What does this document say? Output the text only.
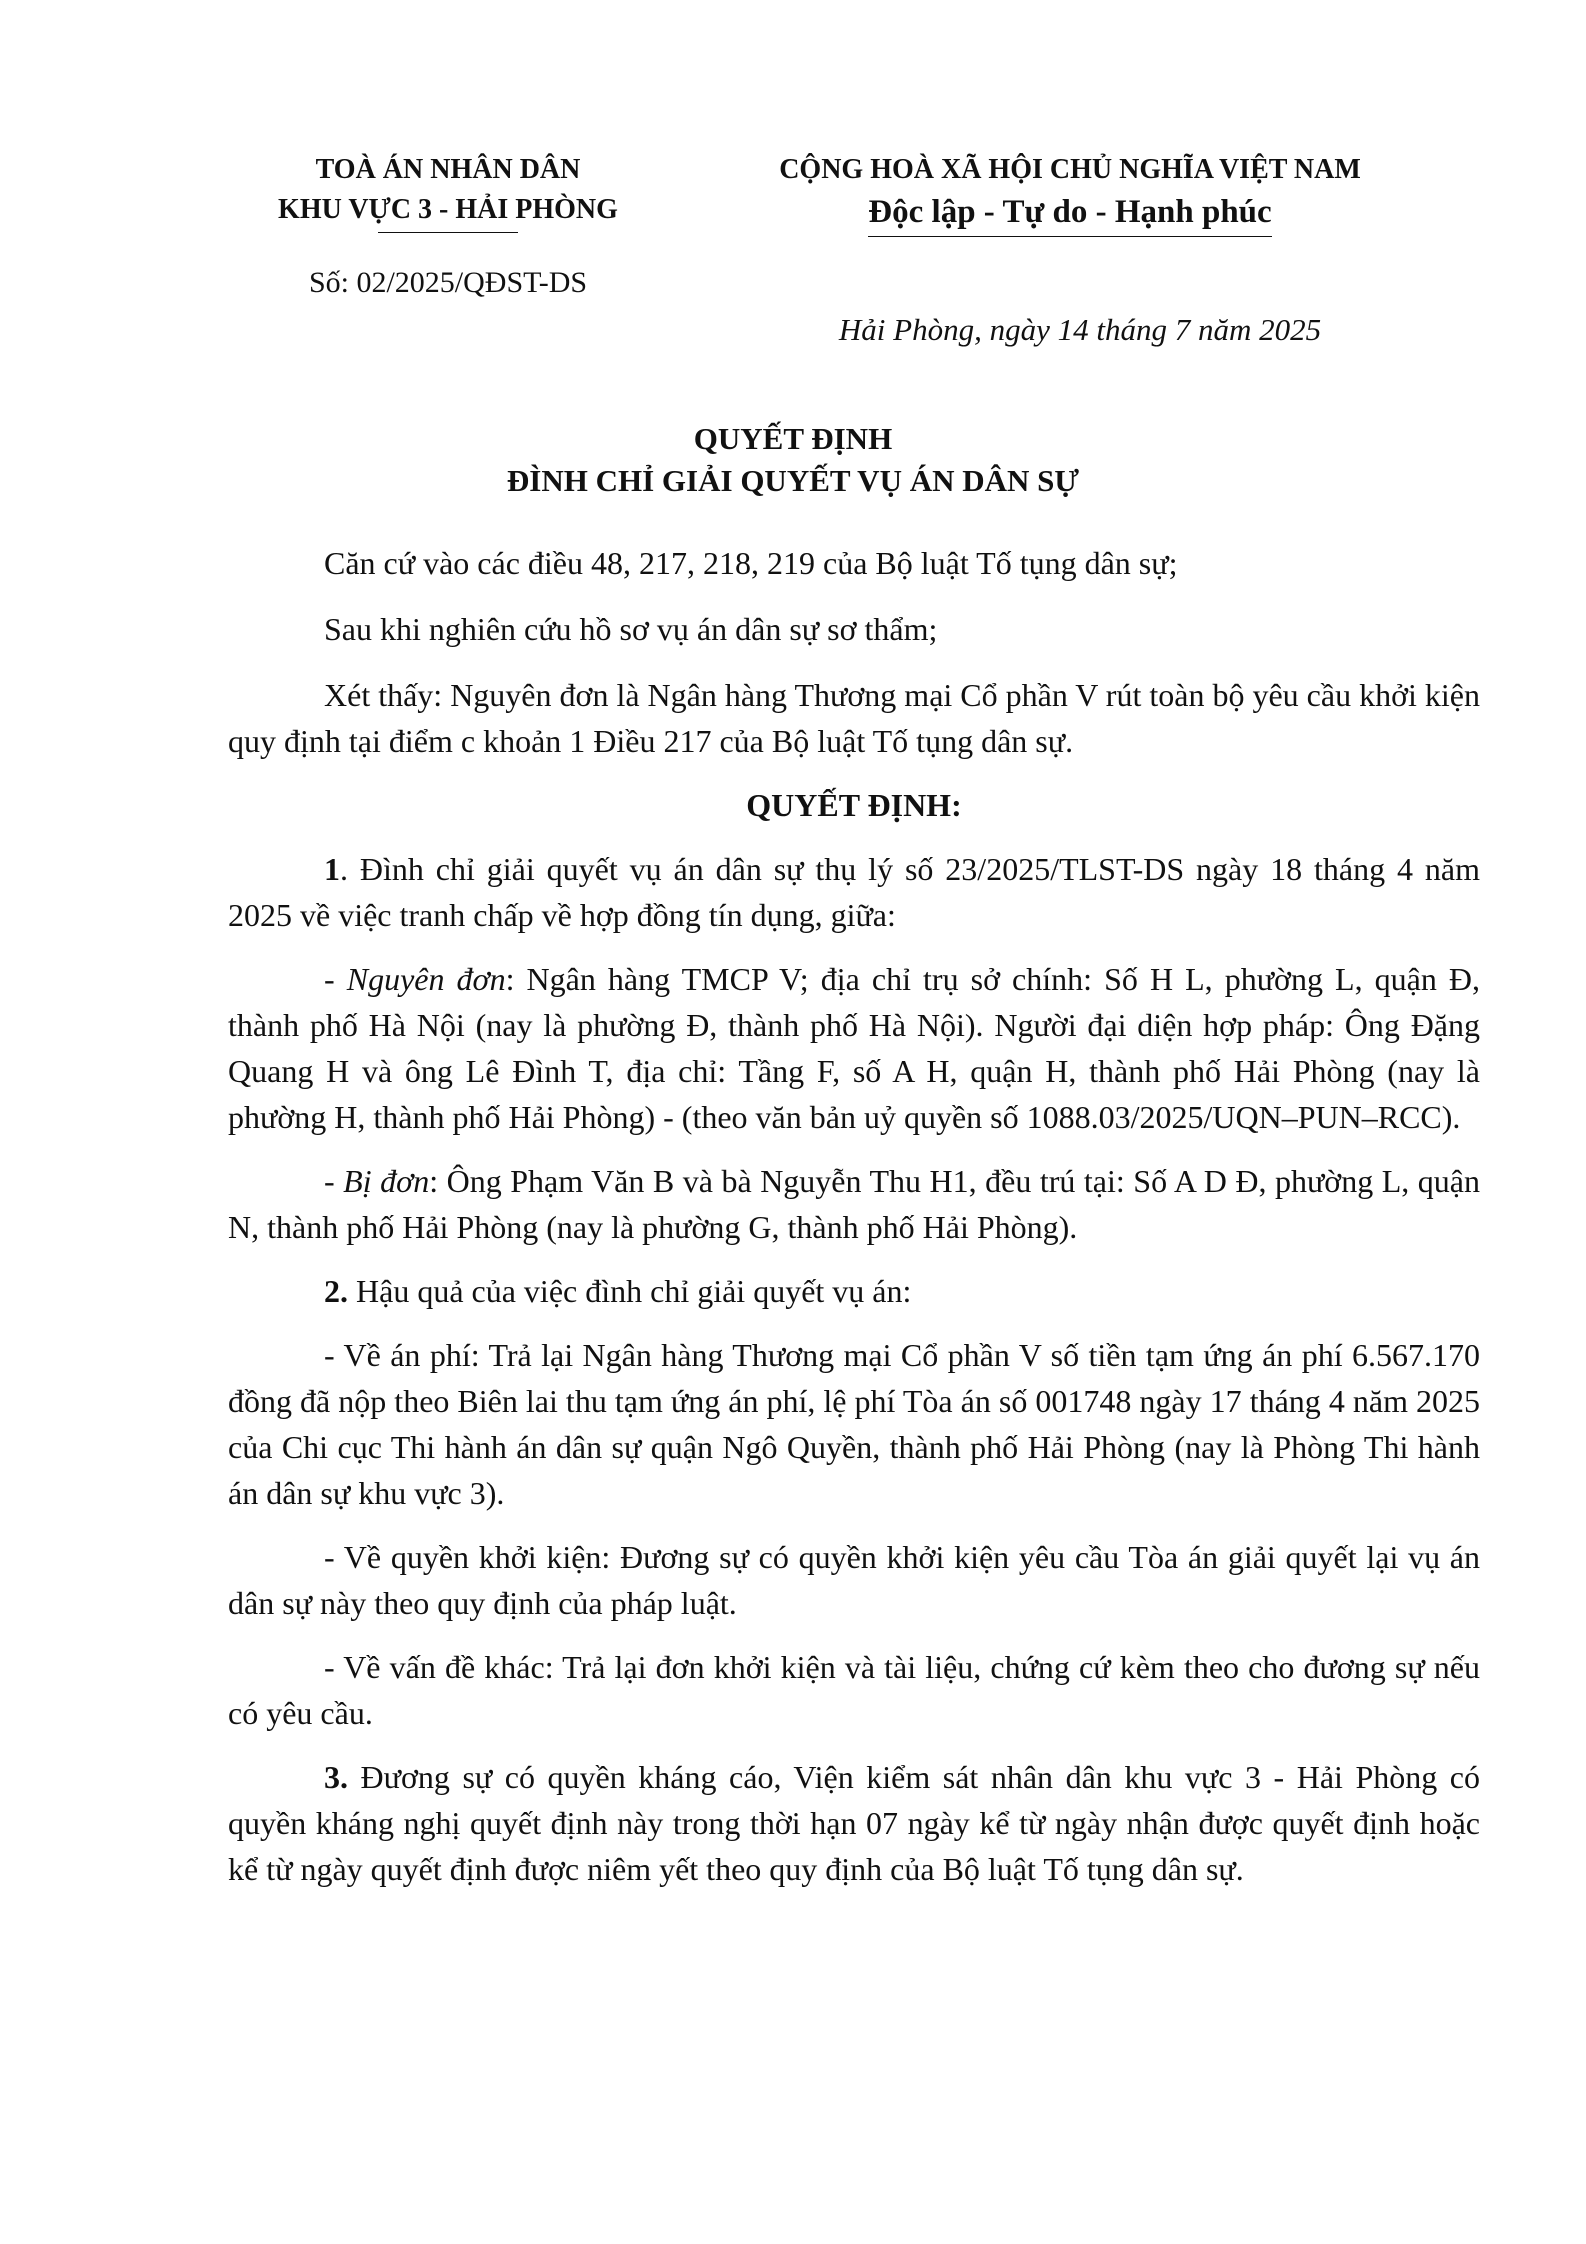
TOÀ ÁN NHÂN DÂN
KHU VỰC 3 - HẢI PHÒNG
Số: 02/2025/QĐST-DS
CỘNG HOÀ XÃ HỘI CHỦ NGHĨA VIỆT NAM
Độc lập - Tự do - Hạnh phúc
Hải Phòng, ngày 14 tháng 7 năm 2025
QUYẾT ĐỊNH
ĐÌNH CHỈ GIẢI QUYẾT VỤ ÁN DÂN SỰ

Căn cứ vào các điều 48, 217, 218, 219 của Bộ luật Tố tụng dân sự;

Sau khi nghiên cứu hồ sơ vụ án dân sự sơ thẩm;

Xét thấy: Nguyên đơn là Ngân hàng Thương mại Cổ phần V rút toàn bộ yêu cầu khởi kiện quy định tại điểm c khoản 1 Điều 217 của Bộ luật Tố tụng dân sự.

QUYẾT ĐỊNH:

1. Đình chỉ giải quyết vụ án dân sự thụ lý số 23/2025/TLST-DS ngày 18 tháng 4 năm 2025 về việc tranh chấp về hợp đồng tín dụng, giữa:

- Nguyên đơn: Ngân hàng TMCP V; địa chỉ trụ sở chính: Số H L, phường L, quận Đ, thành phố Hà Nội (nay là phường Đ, thành phố Hà Nội). Người đại diện hợp pháp: Ông Đặng Quang H và ông Lê Đình T, địa chỉ: Tầng F, số A H, quận H, thành phố Hải Phòng (nay là phường H, thành phố Hải Phòng) - (theo văn bản uỷ quyền số 1088.03/2025/UQN–PUN–RCC).

- Bị đơn: Ông Phạm Văn B và bà Nguyễn Thu H1, đều trú tại: Số A D Đ, phường L, quận N, thành phố Hải Phòng (nay là phường G, thành phố Hải Phòng).

2. Hậu quả của việc đình chỉ giải quyết vụ án:

- Về án phí: Trả lại Ngân hàng Thương mại Cổ phần V số tiền tạm ứng án phí 6.567.170 đồng đã nộp theo Biên lai thu tạm ứng án phí, lệ phí Tòa án số 001748 ngày 17 tháng 4 năm 2025 của Chi cục Thi hành án dân sự quận Ngô Quyền, thành phố Hải Phòng (nay là Phòng Thi hành án dân sự khu vực 3).

- Về quyền khởi kiện: Đương sự có quyền khởi kiện yêu cầu Tòa án giải quyết lại vụ án dân sự này theo quy định của pháp luật.

- Về vấn đề khác: Trả lại đơn khởi kiện và tài liệu, chứng cứ kèm theo cho đương sự nếu có yêu cầu.

3. Đương sự có quyền kháng cáo, Viện kiểm sát nhân dân khu vực 3 - Hải Phòng có quyền kháng nghị quyết định này trong thời hạn 07 ngày kể từ ngày nhận được quyết định hoặc kể từ ngày quyết định được niêm yết theo quy định của Bộ luật Tố tụng dân sự.
